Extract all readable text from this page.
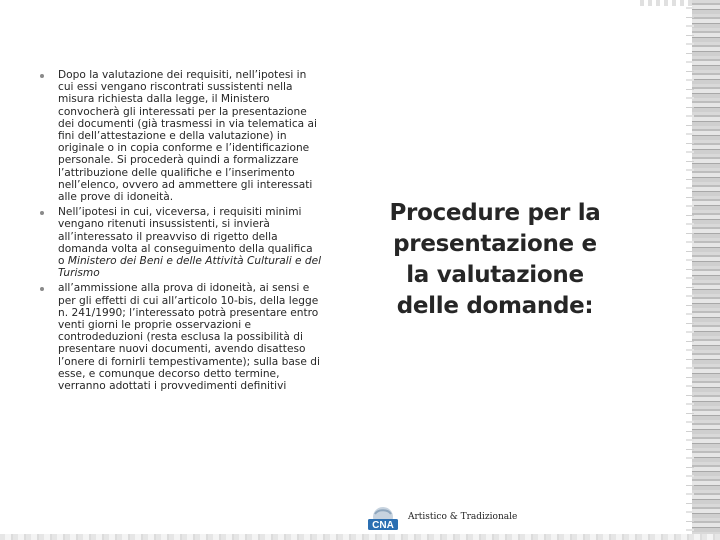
Dopo la valutazione dei requisiti, nell’ipotesi in cui essi vengano riscontrati sussistenti nella misura richiesta dalla legge, il Ministero convocherà gli interessati per la presentazione dei documenti (già trasmessi in via telematica ai fini dell’attestazione e della valutazione) in originale o in copia conforme e l’identificazione personale. Si procederà quindi a formalizzare l’attribuzione delle qualifiche e l’inserimento nell’elenco, ovvero ad ammettere gli interessati alle prove di idoneità.
Nell’ipotesi in cui, viceversa, i requisiti minimi vengano ritenuti insussistenti, si invierà all’interessato il preavviso di rigetto della domanda volta al conseguimento della qualifica o Ministero dei Beni e delle Attività Culturali e del Turismo
all’ammissione alla prova di idoneità, ai sensi e per gli effetti di cui all’articolo 10-bis, della legge n. 241/1990; l’interessato potrà presentare entro venti giorni le proprie osservazioni e controdeduzioni (resta esclusa la possibilità di presentare nuovi documenti, avendo disatteso l’onere di fornirli tempestivamente); sulla base di esse, e comunque decorso detto termine, verranno adottati i provvedimenti definitivi
Procedure per la presentazione e la valutazione delle domande:
CNA
Artistico & Tradizionale
